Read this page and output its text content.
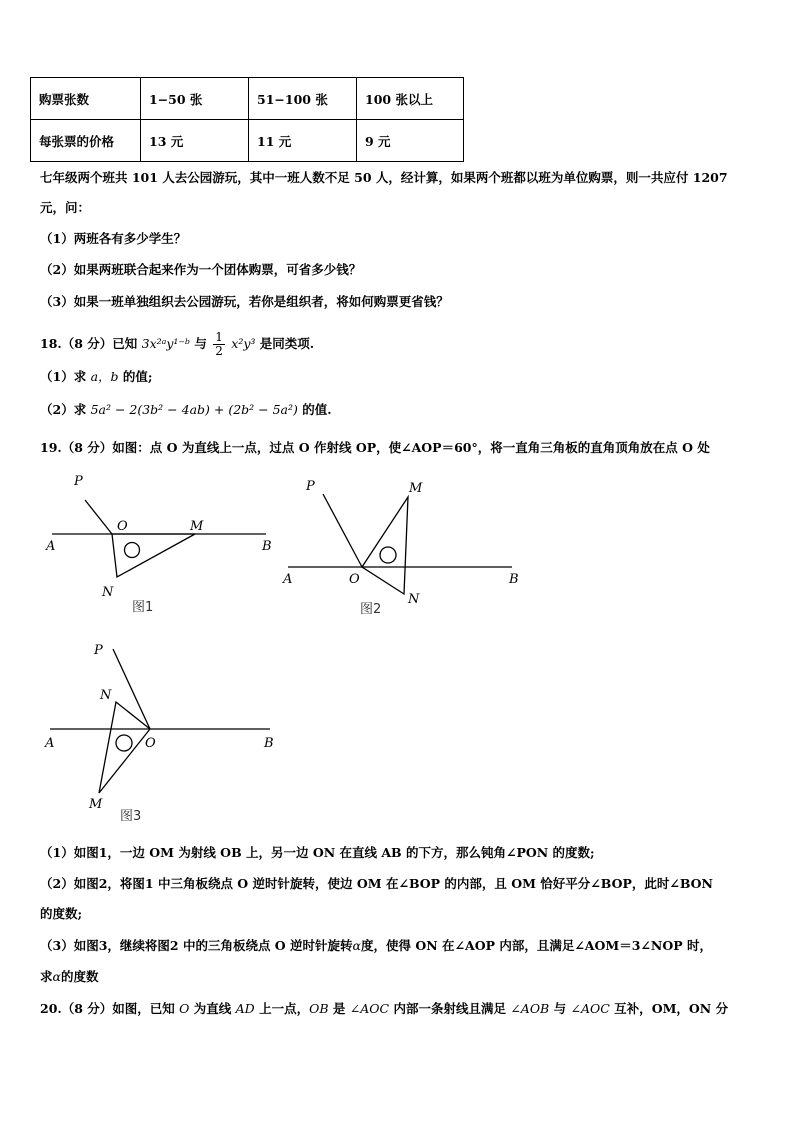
购票张数	1−50 张	51−100 张	100 张以上
每张票的价格	13 元	11 元	9 元
七年级两个班共 101 人去公园游玩，其中一班人数不足 50 人，经计算，如果两个班都以班为单位购票，则一共应付 1207
元，问：
（1）两班各有多少学生？
（2）如果两班联合起来作为一个团体购票，可省多少钱？
（3）如果一班单独组织去公园游玩，若你是组织者，将如何购票更省钱？
18.（8 分）已知 3x²ᵃy¹⁻ᵇ 与 $\frac{1}{2} x^2y^3$ 是同类项.
（1）求 a，b 的值;
（2）求 5a² − 2(3b² − 4ab) + (2b² − 5a²) 的值.
19.（8 分）如图：点 O 为直线上一点，过点 O 作射线 OP，使∠AOP＝60°，将一直角三角板的直角顶角放在点 O 处
P
O	M
A	B
N
图1
P	M
A	O	B
N
图2
P
N
A	O	B
M
图3
（1）如图1，一边 OM 为射线 OB 上，另一边 ON 在直线 AB 的下方，那么钝角∠PON 的度数;
（2）如图2，将图1 中三角板绕点 O 逆时针旋转，使边 OM 在∠BOP 的内部，且 OM 恰好平分∠BOP，此时∠BON
的度数;
（3）如图3，继续将图2 中的三角板绕点 O 逆时针旋转α度，使得 ON 在∠AOP 内部，且满足∠AOM＝3∠NOP 时，
求α的度数
20.（8 分）如图，已知 O 为直线 AD 上一点，OB 是 ∠AOC 内部一条射线且满足 ∠AOB 与 ∠AOC 互补，OM，ON 分
